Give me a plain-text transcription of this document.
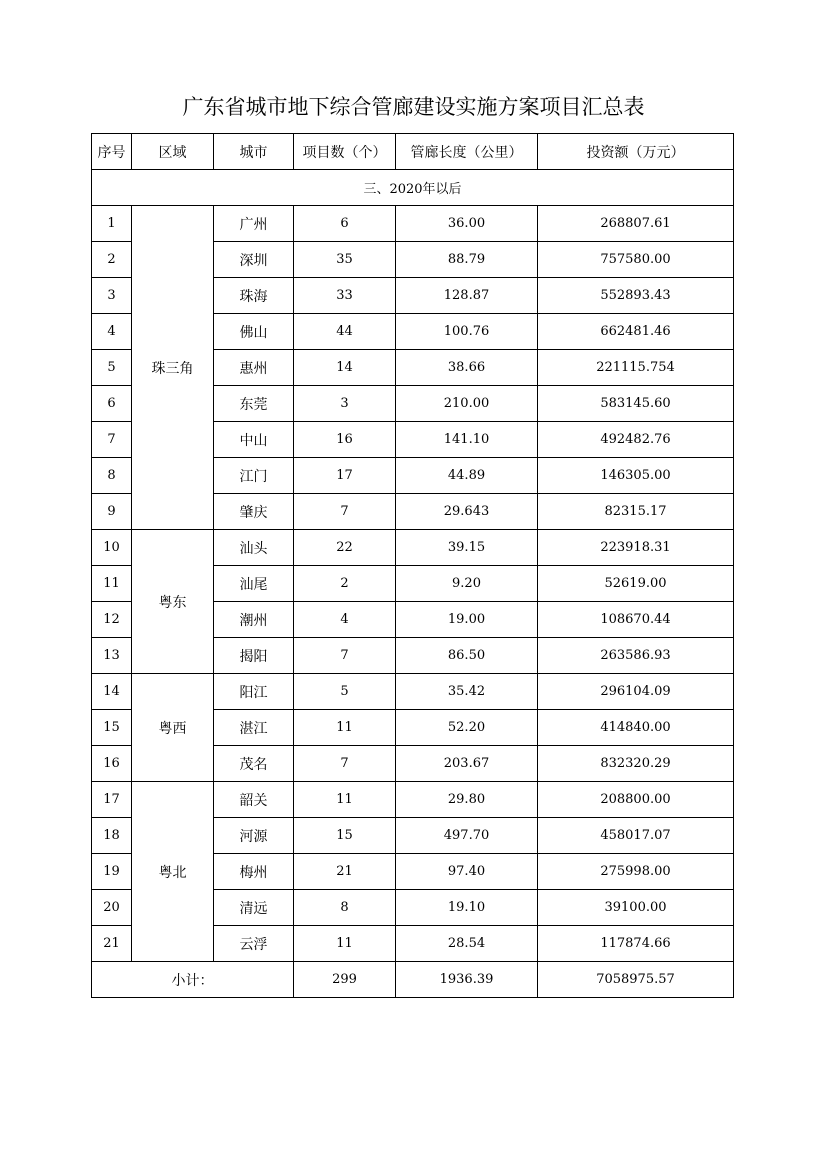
广东省城市地下综合管廊建设实施方案项目汇总表
序号	区域	城市	项目数（个）	管廊长度（公里）	投资额（万元）
三、2020年以后					
1	珠三角	广州	6	36.00	268807.61
2		深圳	35	88.79	757580.00
3		珠海	33	128.87	552893.43
4		佛山	44	100.76	662481.46
5		惠州	14	38.66	221115.754
6		东莞	3	210.00	583145.60
7		中山	16	141.10	492482.76
8		江门	17	44.89	146305.00
9		肇庆	7	29.643	82315.17
10	粤东	汕头	22	39.15	223918.31
11		汕尾	2	9.20	52619.00
12		潮州	4	19.00	108670.44
13		揭阳	7	86.50	263586.93
14	粤西	阳江	5	35.42	296104.09
15		湛江	11	52.20	414840.00
16		茂名	7	203.67	832320.29
17	粤北	韶关	11	29.80	208800.00
18		河源	15	497.70	458017.07
19		梅州	21	97.40	275998.00
20		清远	8	19.10	39100.00
21		云浮	11	28.54	117874.66
小计：			299	1936.39	7058975.57
